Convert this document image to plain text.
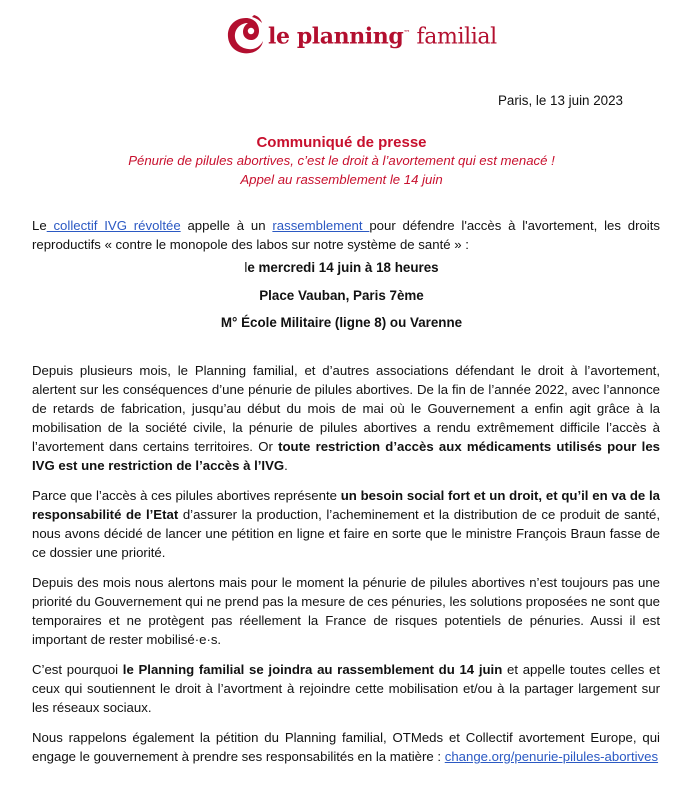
le planning™ familial
Paris, le 13 juin 2023
Communiqué de presse
Pénurie de pilules abortives, c’est le droit à l’avortement qui est menacé !
Appel au rassemblement le 14 juin
Le collectif IVG révoltée appelle à un rassemblement pour défendre l'accès à l'avortement, les droits reproductifs « contre le monopole des labos sur notre système de santé » :
le mercredi 14 juin à 18 heures
Place Vauban, Paris 7ème
M° École Militaire (ligne 8) ou Varenne
Depuis plusieurs mois, le Planning familial, et d’autres associations défendant le droit à l’avortement, alertent sur les conséquences d’une pénurie de pilules abortives. De la fin de l’année 2022, avec l’annonce de retards de fabrication, jusqu’au début du mois de mai où le Gouvernement a enfin agit grâce à la mobilisation de la société civile, la pénurie de pilules abortives a rendu extrêmement difficile l’accès à l’avortement dans certains territoires. Or toute restriction d’accès aux médicaments utilisés pour les IVG est une restriction de l’accès à l’IVG.
Parce que l’accès à ces pilules abortives représente un besoin social fort et un droit, et qu’il en va de la responsabilité de l’Etat d’assurer la production, l’acheminement et la distribution de ce produit de santé, nous avons décidé de lancer une pétition en ligne et faire en sorte que le ministre François Braun fasse de ce dossier une priorité.
Depuis des mois nous alertons mais pour le moment la pénurie de pilules abortives n’est toujours pas une priorité du Gouvernement qui ne prend pas la mesure de ces pénuries, les solutions proposées ne sont que temporaires et ne protègent pas réellement la France de risques potentiels de pénuries. Aussi il est important de rester mobilisé·e·s.
C’est pourquoi le Planning familial se joindra au rassemblement du 14 juin et appelle toutes celles et ceux qui soutiennent le droit à l’avortment à rejoindre cette mobilisation et/ou à la partager largement sur les réseaux sociaux.
Nous rappelons également la pétition du Planning familial, OTMeds et Collectif avortement Europe, qui engage le gouvernement à prendre ses responsabilités en la matière : change.org/penurie-pilules-abortives
